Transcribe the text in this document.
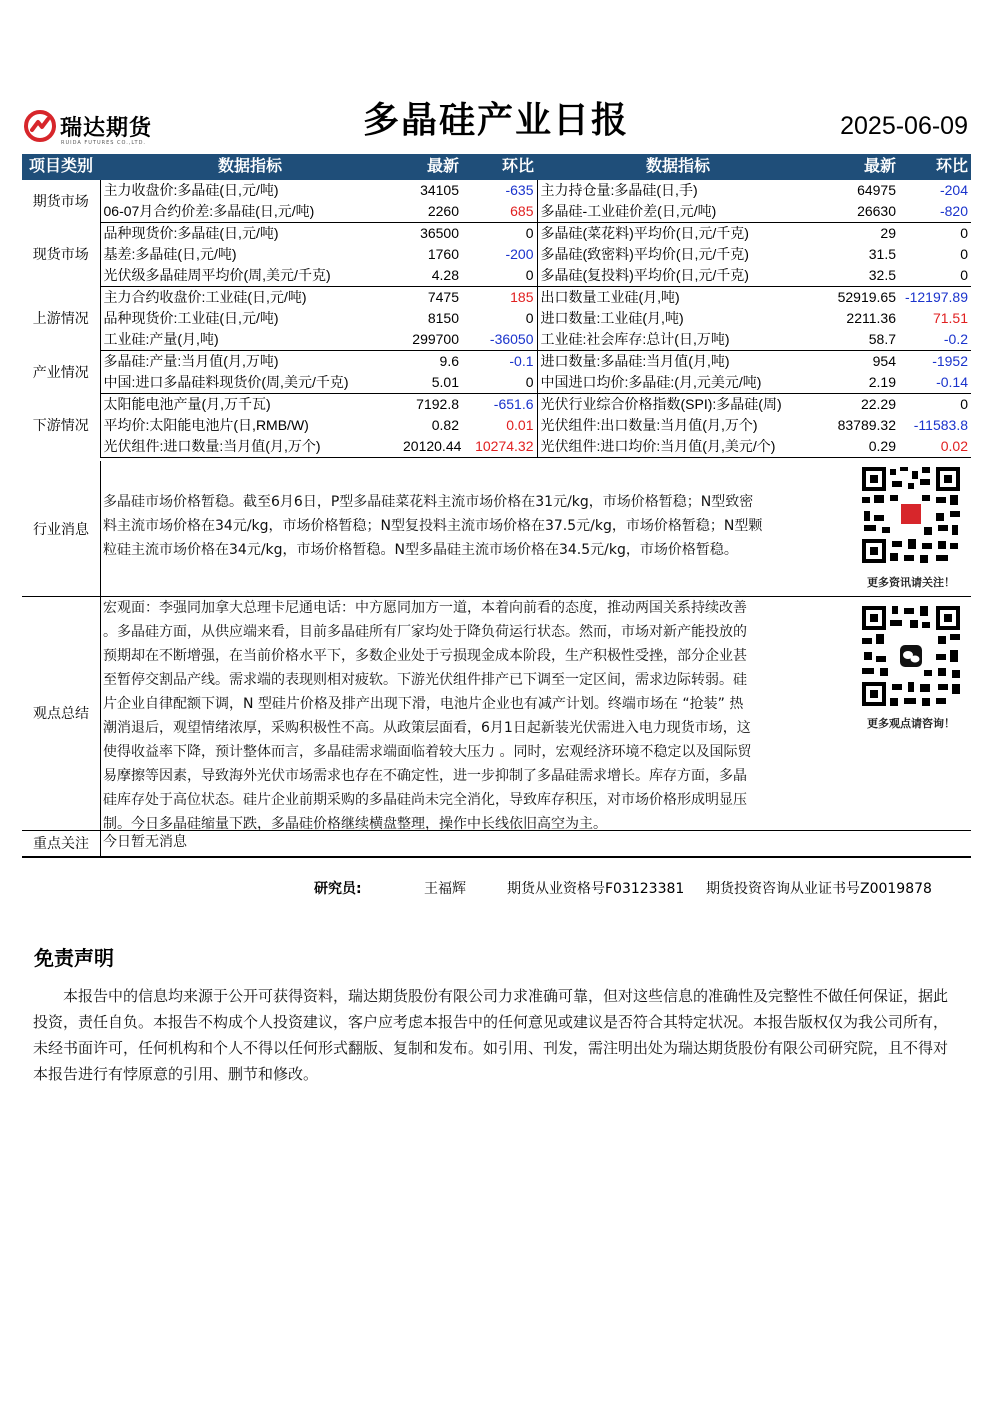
瑞达期货
RUIDA FUTURES CO.,LTD.
多晶硅产业日报	2025-06-09
项目类别	数据指标	最新	环比	数据指标	最新	环比
期货市场	主力收盘价:多晶硅(日,元/吨)	34105	-635	主力持仓量:多晶硅(日,手)	64975	-204
	06-07月合约价差:多晶硅(日,元/吨)	2260	685	多晶硅-工业硅价差(日,元/吨)	26630	-820
现货市场	品种现货价:多晶硅(日,元/吨)	36500	0	多晶硅(菜花料)平均价(日,元/千克)	29	0
	基差:多晶硅(日,元/吨)	1760	-200	多晶硅(致密料)平均价(日,元/千克)	31.5	0
	光伏级多晶硅周平均价(周,美元/千克)	4.28	0	多晶硅(复投料)平均价(日,元/千克)	32.5	0
上游情况	主力合约收盘价:工业硅(日,元/吨)	7475	185	出口数量工业硅(月,吨)	52919.65	-12197.89
	品种现货价:工业硅(日,元/吨)	8150	0	进口数量:工业硅(月,吨)	2211.36	71.51
	工业硅:产量(月,吨)	299700	-36050	工业硅:社会库存:总计(日,万吨)	58.7	-0.2
产业情况	多晶硅:产量:当月值(月,万吨)	9.6	-0.1	进口数量:多晶硅:当月值(月,吨)	954	-1952
	中国:进口多晶硅料现货价(周,美元/千克)	5.01	0	中国进口均价:多晶硅:(月,元美元/吨)	2.19	-0.14
下游情况	太阳能电池产量(月,万千瓦)	7192.8	-651.6	光伏行业综合价格指数(SPI):多晶硅(周)	22.29	0
	平均价:太阳能电池片(日,RMB/W)	0.82	0.01	光伏组件:出口数量:当月值(月,万个)	83789.32	-11583.8
	光伏组件:进口数量:当月值(月,万个)	20120.44	10274.32	光伏组件:进口均价:当月值(月,美元/个)	0.29	0.02
行业消息
多晶硅市场价格暂稳。截至6月6日，P型多晶硅菜花料主流市场价格在31元/kg，市场价格暂稳；N型致密
料主流市场价格在34元/kg，市场价格暂稳；N型复投料主流市场价格在37.5元/kg，市场价格暂稳；N型颗
粒硅主流市场价格在34元/kg，市场价格暂稳。N型多晶硅主流市场价格在34.5元/kg，市场价格暂稳。
更多资讯请关注！
观点总结
宏观面：李强同加拿大总理卡尼通电话：中方愿同加方一道，本着向前看的态度，推动两国关系持续改善
。多晶硅方面，从供应端来看，目前多晶硅所有厂家均处于降负荷运行状态。然而，市场对新产能投放的
预期却在不断增强，在当前价格水平下，多数企业处于亏损现金成本阶段，生产积极性受挫，部分企业甚
至暂停交割品产线。需求端的表现则相对疲软。下游光伏组件排产已下调至一定区间，需求边际转弱。硅
片企业自律配额下调，N 型硅片价格及排产出现下滑，电池片企业也有减产计划。终端市场在 “抢装” 热
潮消退后，观望情绪浓厚，采购积极性不高。从政策层面看，6月1日起新装光伏需进入电力现货市场，这
使得收益率下降，预计整体而言，多晶硅需求端面临着较大压力 。同时，宏观经济环境不稳定以及国际贸
易摩擦等因素，导致海外光伏市场需求也存在不确定性，进一步抑制了多晶硅需求增长。库存方面，多晶
硅库存处于高位状态。硅片企业前期采购的多晶硅尚未完全消化，导致库存积压，对市场价格形成明显压
制。今日多晶硅缩量下跌，多晶硅价格继续横盘整理，操作中长线依旧高空为主。
更多观点请咨询！
重点关注	今日暂无消息
研究员:	王福辉	期货从业资格号F03123381 期货投资咨询从业证书号Z0019878
免责声明
本报告中的信息均来源于公开可获得资料，瑞达期货股份有限公司力求准确可靠，但对这些信息的准确性及完整性不做任何保证，据此投资，责任自负。本报告不构成个人投资建议，客户应考虑本报告中的任何意见或建议是否符合其特定状况。本报告版权仅为我公司所有，未经书面许可，任何机构和个人不得以任何形式翻版、复制和发布。如引用、刊发，需注明出处为瑞达期货股份有限公司研究院，且不得对本报告进行有悖原意的引用、删节和修改。
